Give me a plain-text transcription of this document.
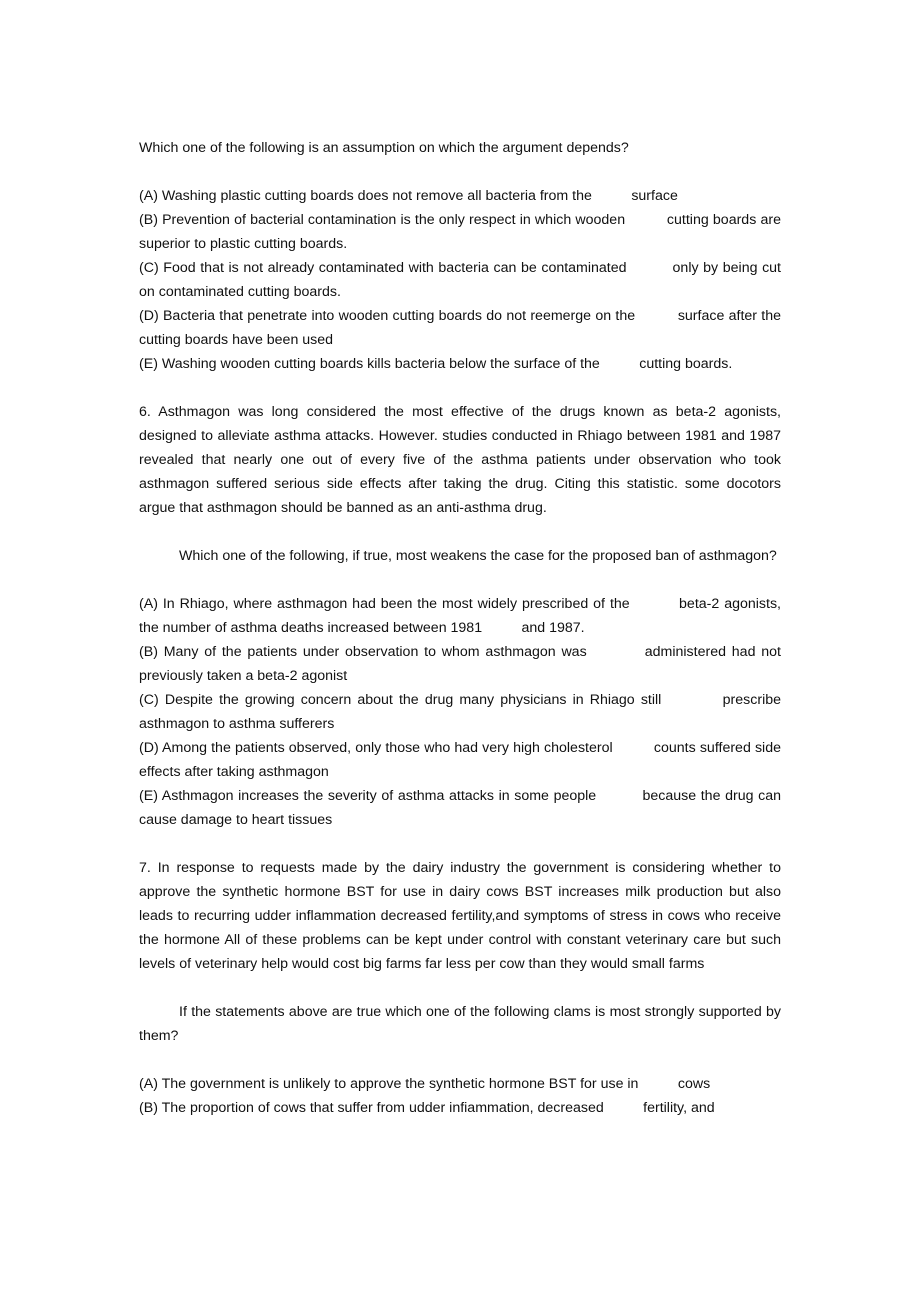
Which one of the following is an assumption on which the argument depends?

(A) Washing plastic cutting boards does not remove all bacteria from the          surface

(B) Prevention of bacterial contamination is the only respect in which wooden          cutting boards are superior to plastic cutting boards.

(C) Food that is not already contaminated with bacteria can be contaminated          only by being cut on contaminated cutting boards.

(D) Bacteria that penetrate into wooden cutting boards do not reemerge on the          surface after the cutting boards have been used

(E) Washing wooden cutting boards kills bacteria below the surface of the          cutting boards.

6. Asthmagon was long considered the most effective of the drugs known as beta-2 agonists, designed to alleviate asthma attacks. However. studies conducted in Rhiago between 1981 and 1987 revealed that nearly one out of every five of the asthma patients under observation who took asthmagon suffered serious side effects after taking the drug. Citing this statistic. some docotors argue that asthmagon should be banned as an anti-asthma drug.

Which one of the following, if true, most weakens the case for the proposed ban of asthmagon?

(A) In Rhiago, where asthmagon had been the most widely prescribed of the          beta-2 agonists, the number of asthma deaths increased between 1981          and 1987.

(B) Many of the patients under observation to whom asthmagon was          administered had not previously taken a beta-2 agonist

(C) Despite the growing concern about the drug many physicians in Rhiago still          prescribe asthmagon to asthma sufferers

(D) Among the patients observed, only those who had very high cholesterol          counts suffered side effects after taking asthmagon

(E) Asthmagon increases the severity of asthma attacks in some people          because the drug can cause damage to heart tissues

7. In response to requests made by the dairy industry the government is considering whether to approve the synthetic hormone BST for use in dairy cows BST increases milk production but also leads to recurring udder inflammation decreased fertility,and symptoms of stress in cows who receive the hormone All of these problems can be kept under control with constant veterinary care but such levels of veterinary help would cost big farms far less per cow than they would small farms

If the statements above are true which one of the following clams is most strongly supported by them?

(A) The government is unlikely to approve the synthetic hormone BST for use in          cows

(B) The proportion of cows that suffer from udder infiammation, decreased          fertility, and
